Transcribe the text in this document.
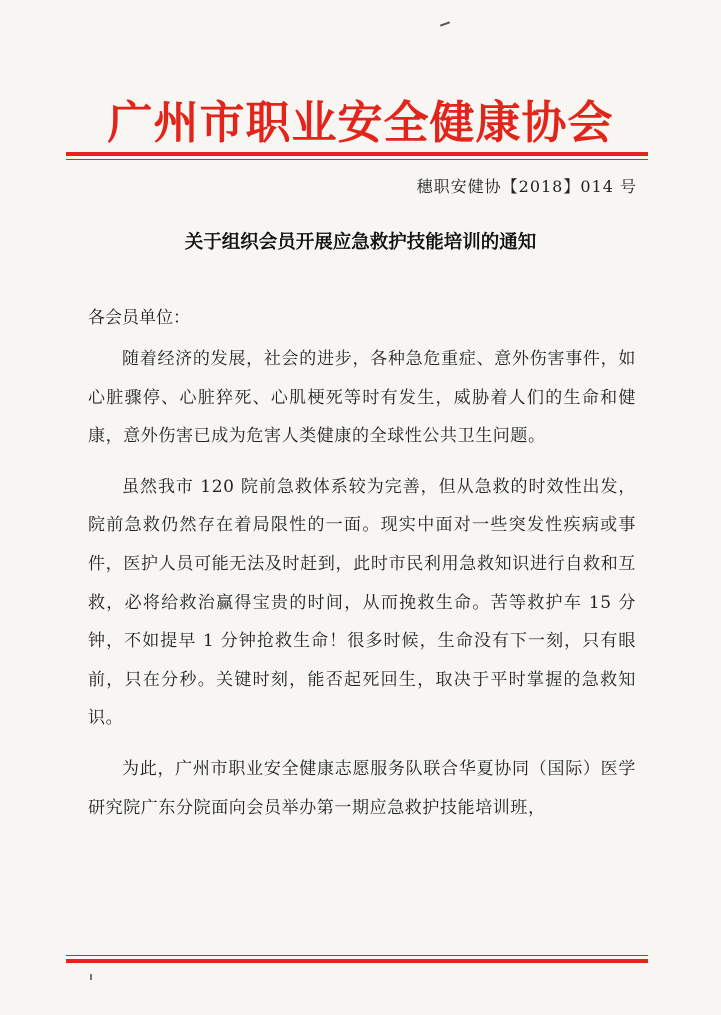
广州市职业安全健康协会
穗职安健协【2018】014 号
关于组织会员开展应急救护技能培训的通知
各会员单位：

随着经济的发展，社会的进步，各种急危重症、意外伤害事件，如心脏骤停、心脏猝死、心肌梗死等时有发生，威胁着人们的生命和健康，意外伤害已成为危害人类健康的全球性公共卫生问题。

虽然我市 120 院前急救体系较为完善，但从急救的时效性出发，院前急救仍然存在着局限性的一面。现实中面对一些突发性疾病或事件，医护人员可能无法及时赶到，此时市民利用急救知识进行自救和互救，必将给救治赢得宝贵的时间，从而挽救生命。苦等救护车 15 分钟，不如提早 1 分钟抢救生命！很多时候，生命没有下一刻，只有眼前，只在分秒。关键时刻，能否起死回生，取决于平时掌握的急救知识。

为此，广州市职业安全健康志愿服务队联合华夏协同（国际）医学研究院广东分院面向会员举办第一期应急救护技能培训班，
